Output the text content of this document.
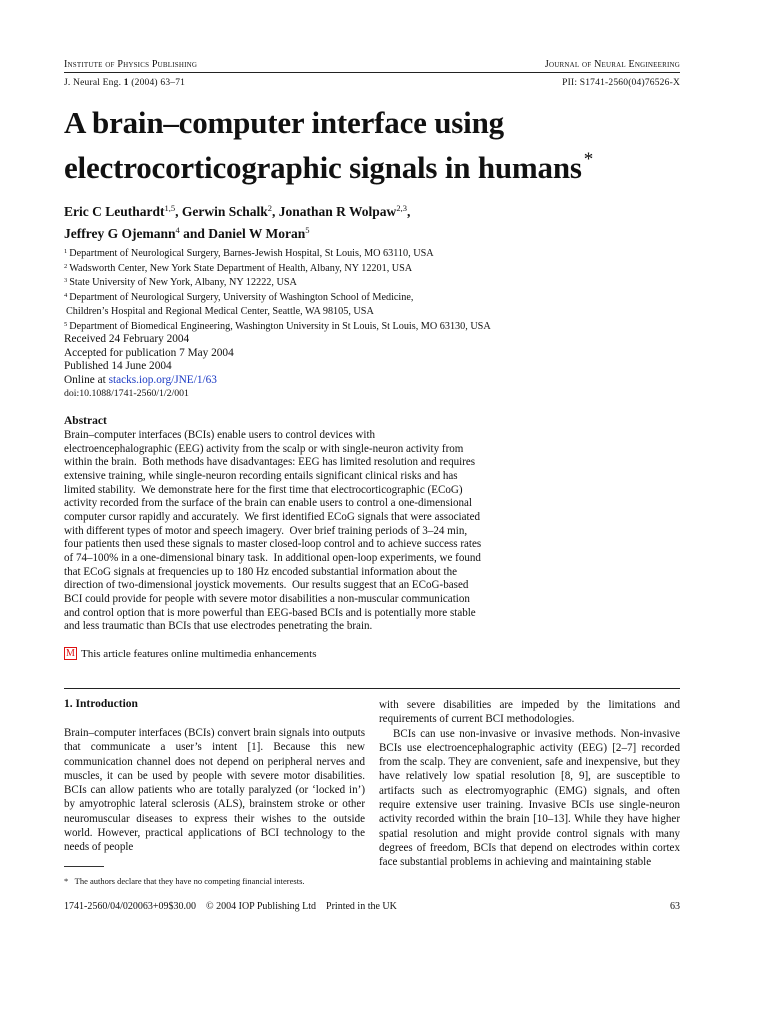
Institute of Physics Publishing	Journal of Neural Engineering
J. Neural Eng. 1 (2004) 63–71	PII: S1741-2560(04)76526-X
A brain–computer interface using
electrocorticographic signals in humans *
Eric C Leuthardt$^{1,5}$, Gerwin Schalk$^2$, Jonathan R Wolpaw$^{2,3}$,
Jeffrey G Ojemann$^4$ and Daniel W Moran$^5$
$^1$ Department of Neurological Surgery, Barnes-Jewish Hospital, St Louis, MO 63110, USA
$^2$ Wadsworth Center, New York State Department of Health, Albany, NY 12201, USA
$^3$ State University of New York, Albany, NY 12222, USA
$^4$ Department of Neurological Surgery, University of Washington School of Medicine,
Children’s Hospital and Regional Medical Center, Seattle, WA 98105, USA
$^5$ Department of Biomedical Engineering, Washington University in St Louis, St Louis, MO 63130, USA
Received 24 February 2004
Accepted for publication 7 May 2004
Published 14 June 2004
Online at stacks.iop.org/JNE/1/63
doi:10.1088/1741-2560/1/2/001
Abstract
Brain–computer interfaces (BCIs) enable users to control devices with
electroencephalographic (EEG) activity from the scalp or with single-neuron activity from
within the brain.  Both methods have disadvantages: EEG has limited resolution and requires
extensive training, while single-neuron recording entails significant clinical risks and has
limited stability.  We demonstrate here for the first time that electrocorticographic (ECoG)
activity recorded from the surface of the brain can enable users to control a one-dimensional
computer cursor rapidly and accurately.  We first identified ECoG signals that were associated
with different types of motor and speech imagery.  Over brief training periods of 3–24 min,
four patients then used these signals to master closed-loop control and to achieve success rates
of 74–100% in a one-dimensional binary task.  In additional open-loop experiments, we found
that ECoG signals at frequencies up to 180 Hz encoded substantial information about the
direction of two-dimensional joystick movements.  Our results suggest that an ECoG-based
BCI could provide for people with severe motor disabilities a non-muscular communication
and control option that is more powerful than EEG-based BCIs and is potentially more stable
and less traumatic than BCIs that use electrodes penetrating the brain.
M This article features online multimedia enhancements
1. Introduction

Brain–computer interfaces (BCIs) convert brain signals into outputs that communicate a user’s intent [1]. Because this new communication channel does not depend on peripheral nerves and muscles, it can be used by people with severe motor disabilities. BCIs can allow patients who are totally paralyzed (or ‘locked in’) by amyotrophic lateral sclerosis (ALS), brainstem stroke or other neuromuscular diseases to express their wishes to the outside world. However, practical applications of BCI technology to the needs of people

with severe disabilities are impeded by the limitations and requirements of current BCI methodologies.

BCIs can use non-invasive or invasive methods. Non-invasive BCIs use electroencephalographic activity (EEG) [2–7] recorded from the scalp. They are convenient, safe and inexpensive, but they have relatively low spatial resolution [8, 9], are susceptible to artifacts such as electromyographic (EMG) signals, and often require extensive user training. Invasive BCIs use single-neuron activity recorded within the brain [10–13]. While they have higher spatial resolution and might provide control signals with many degrees of freedom, BCIs that depend on electrodes within cortex face substantial problems in achieving and maintaining stable

* The authors declare that they have no competing financial interests.
1741-2560/04/020063+09$30.00    © 2004 IOP Publishing Ltd    Printed in the UK	63
